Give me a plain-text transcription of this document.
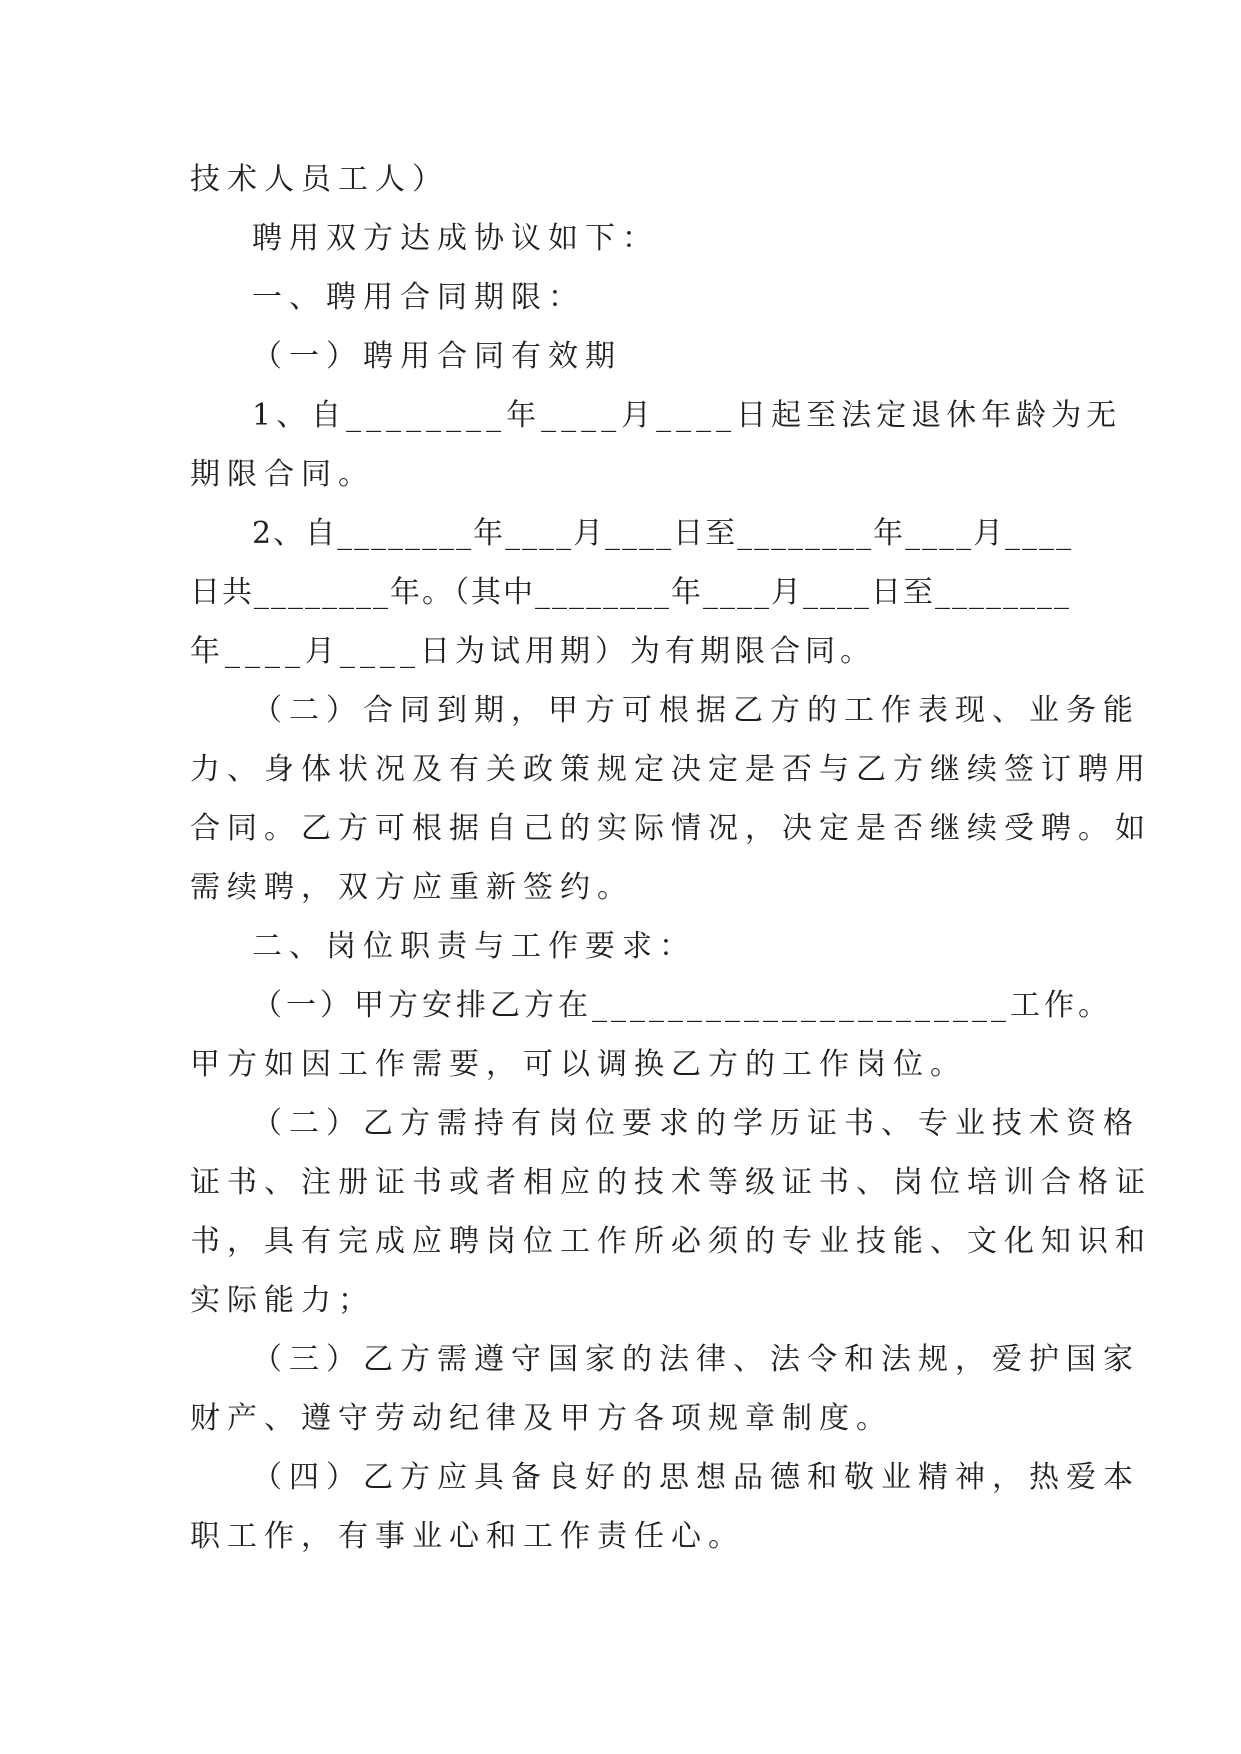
技术人员工人）
聘用双方达成协议如下：
一、聘用合同期限：
（一）聘用合同有效期
1、自________年____月____日起至法定退休年龄为无
期限合同。
2、自________年____月____日至________年____月____
日共________年。（其中________年____月____日至________
年____月____日为试用期）为有期限合同。
（二）合同到期，甲方可根据乙方的工作表现、业务能
力、身体状况及有关政策规定决定是否与乙方继续签订聘用
合同。乙方可根据自己的实际情况，决定是否继续受聘。如
需续聘，双方应重新签约。
二、岗位职责与工作要求：
（一）甲方安排乙方在______________________工作。
甲方如因工作需要，可以调换乙方的工作岗位。
（二）乙方需持有岗位要求的学历证书、专业技术资格
证书、注册证书或者相应的技术等级证书、岗位培训合格证
书，具有完成应聘岗位工作所必须的专业技能、文化知识和
实际能力；
（三）乙方需遵守国家的法律、法令和法规，爱护国家
财产、遵守劳动纪律及甲方各项规章制度。
（四）乙方应具备良好的思想品德和敬业精神，热爱本
职工作，有事业心和工作责任心。
